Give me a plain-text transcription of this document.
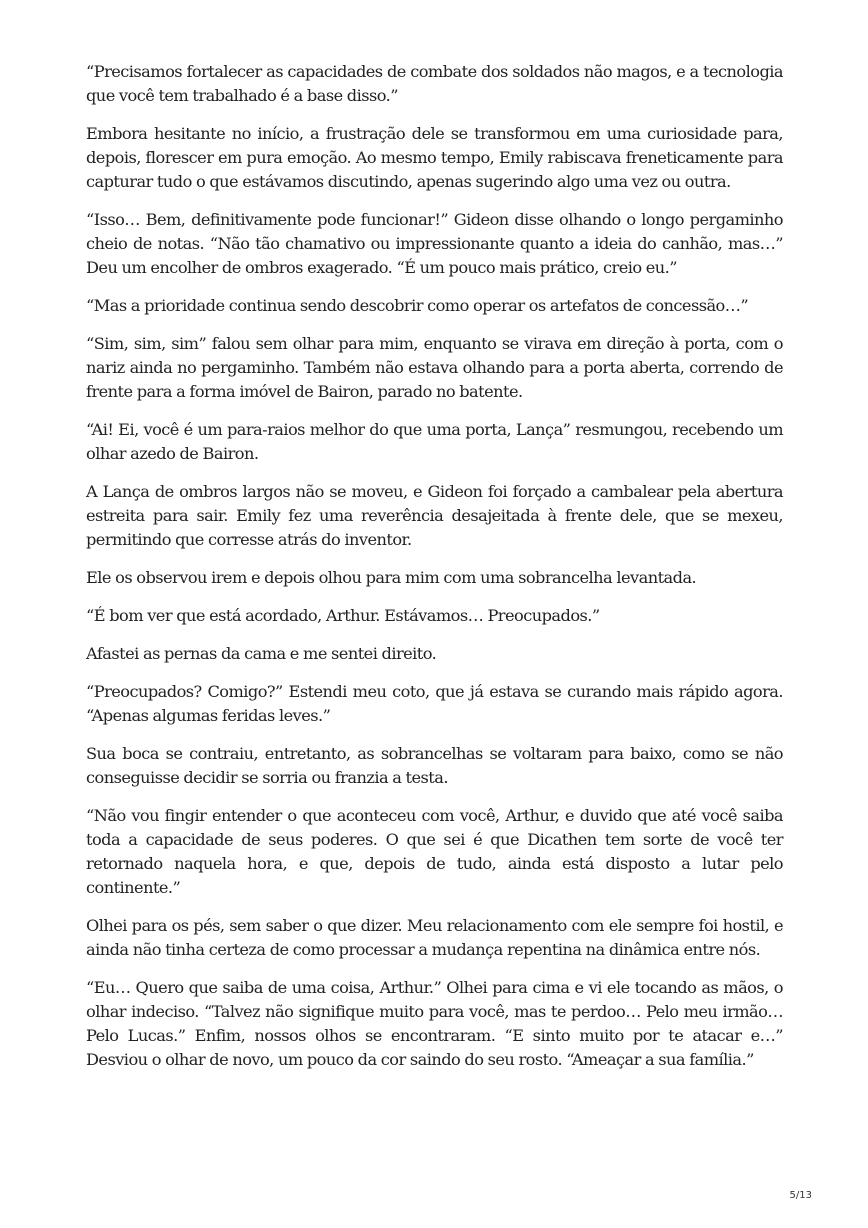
“Precisamos fortalecer as capacidades de combate dos soldados não magos, e a tecnologia que você tem trabalhado é a base disso.”

Embora hesitante no início, a frustração dele se transformou em uma curiosidade para, depois, florescer em pura emoção. Ao mesmo tempo, Emily rabiscava freneticamente para capturar tudo o que estávamos discutindo, apenas sugerindo algo uma vez ou outra.

“Isso… Bem, definitivamente pode funcionar!” Gideon disse olhando o longo pergaminho cheio de notas. “Não tão chamativo ou impressionante quanto a ideia do canhão, mas…” Deu um encolher de ombros exagerado. “É um pouco mais prático, creio eu.”

“Mas a prioridade continua sendo descobrir como operar os artefatos de concessão…”

“Sim, sim, sim” falou sem olhar para mim, enquanto se virava em direção à porta, com o nariz ainda no pergaminho. Também não estava olhando para a porta aberta, correndo de frente para a forma imóvel de Bairon, parado no batente.

“Ai! Ei, você é um para-raios melhor do que uma porta, Lança” resmungou, recebendo um olhar azedo de Bairon.

A Lança de ombros largos não se moveu, e Gideon foi forçado a cambalear pela abertura estreita para sair. Emily fez uma reverência desajeitada à frente dele, que se mexeu, permitindo que corresse atrás do inventor.

Ele os observou irem e depois olhou para mim com uma sobrancelha levantada.

“É bom ver que está acordado, Arthur. Estávamos… Preocupados.”

Afastei as pernas da cama e me sentei direito.

“Preocupados? Comigo?” Estendi meu coto, que já estava se curando mais rápido agora. “Apenas algumas feridas leves.”

Sua boca se contraiu, entretanto, as sobrancelhas se voltaram para baixo, como se não conseguisse decidir se sorria ou franzia a testa.

“Não vou fingir entender o que aconteceu com você, Arthur, e duvido que até você saiba toda a capacidade de seus poderes. O que sei é que Dicathen tem sorte de você ter retornado naquela hora, e que, depois de tudo, ainda está disposto a lutar pelo continente.”

Olhei para os pés, sem saber o que dizer. Meu relacionamento com ele sempre foi hostil, e ainda não tinha certeza de como processar a mudança repentina na dinâmica entre nós.

“Eu… Quero que saiba de uma coisa, Arthur.” Olhei para cima e vi ele tocando as mãos, o olhar indeciso. “Talvez não signifique muito para você, mas te perdoo… Pelo meu irmão… Pelo Lucas.” Enfim, nossos olhos se encontraram. “E sinto muito por te atacar e…” Desviou o olhar de novo, um pouco da cor saindo do seu rosto. “Ameaçar a sua família.”

5/13
